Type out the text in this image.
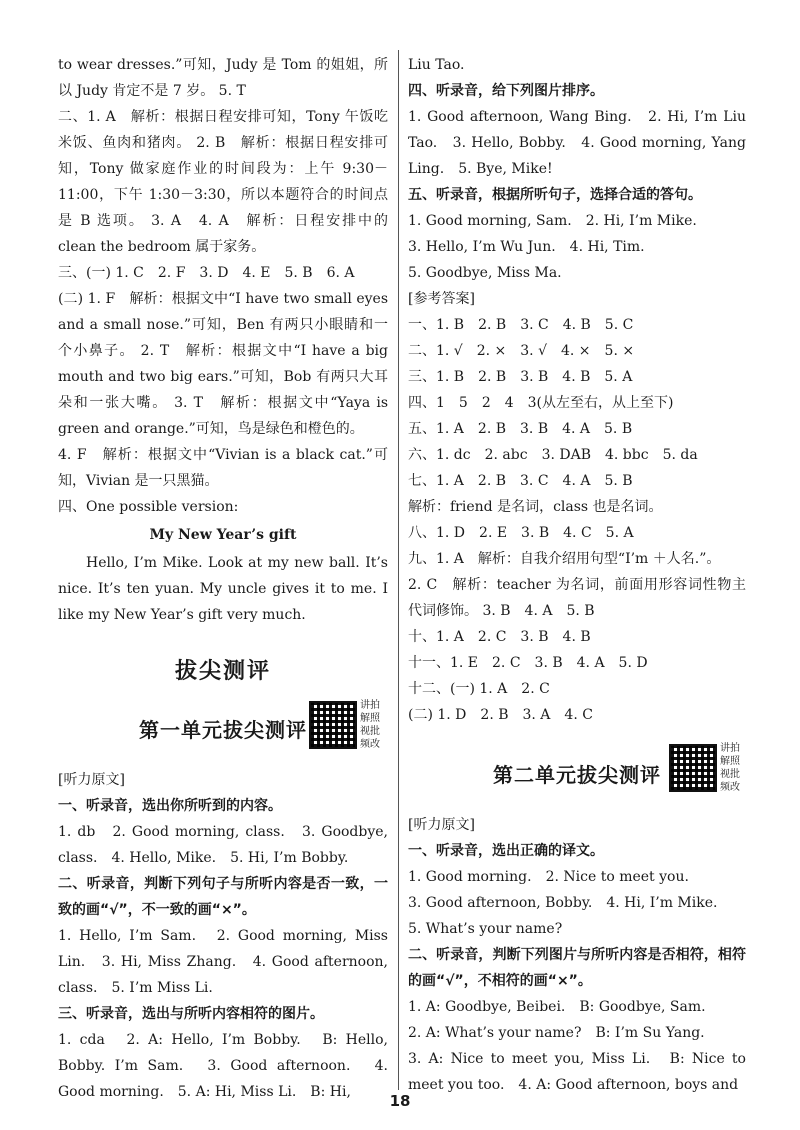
to wear dresses.”可知，Judy 是 Tom 的姐姐，所以 Judy 肯定不是 7 岁。 5. T

二、1. A　解析：根据日程安排可知，Tony 午饭吃米饭、鱼肉和猪肉。 2. B　解析：根据日程安排可知，Tony 做家庭作业的时间段为：上午 9:30－11:00，下午 1:30－3:30，所以本题符合的时间点是 B 选项。 3. A　4. A　解析：日程安排中的 clean the bedroom 属于家务。

三、(一) 1. C　2. F　3. D　4. E　5. B　6. A

(二) 1. F　解析：根据文中“I have two small eyes and a small nose.”可知，Ben 有两只小眼睛和一个小鼻子。 2. T　解析：根据文中“I have a big mouth and two big ears.”可知，Bob 有两只大耳朵和一张大嘴。 3. T　解析：根据文中“Yaya is green and orange.”可知，鸟是绿色和橙色的。

4. F　解析：根据文中“Vivian is a black cat.”可知，Vivian 是一只黑猫。

四、One possible version:

My New Year’s gift

Hello, I’m Mike. Look at my new ball. It’s nice. It’s ten yuan. My uncle gives it to me. I like my New Year’s gift very much.

拔尖测评
第一单元拔尖测评
讲拍解照视批频改

[听力原文]

一、听录音，选出你所听到的内容。

1. db　2. Good morning, class.　3. Goodbye, class.　4. Hello, Mike.　5. Hi, I’m Bobby.

二、听录音，判断下列句子与所听内容是否一致，一致的画“√”，不一致的画“×”。

1. Hello, I’m Sam.　2. Good morning, Miss Lin.　3. Hi, Miss Zhang.　4. Good afternoon, class.　5. I’m Miss Li.

三、听录音，选出与所听内容相符的图片。

1. cda　2. A: Hello, I’m Bobby.　B: Hello, Bobby. I’m Sam.　3. Good afternoon.　4. Good morning.　5. A: Hi, Miss Li.　B: Hi,

Liu Tao.

四、听录音，给下列图片排序。

1. Good afternoon, Wang Bing.　2. Hi, I’m Liu Tao.　3. Hello, Bobby.　4. Good morning, Yang Ling.　5. Bye, Mike!

五、听录音，根据所听句子，选择合适的答句。

1. Good morning, Sam.　2. Hi, I’m Mike.

3. Hello, I’m Wu Jun.　4. Hi, Tim.

5. Goodbye, Miss Ma.

[参考答案]

一、1. B　2. B　3. C　4. B　5. C

二、1. √　2. ×　3. √　4. ×　5. ×

三、1. B　2. B　3. B　4. B　5. A

四、1　5　2　4　3(从左至右，从上至下)

五、1. A　2. B　3. B　4. A　5. B

六、1. dc　2. abc　3. DAB　4. bbc　5. da

七、1. A　2. B　3. C　4. A　5. B

解析：friend 是名词，class 也是名词。

八、1. D　2. E　3. B　4. C　5. A

九、1. A　解析：自我介绍用句型“I’m ＋人名.”。

2. C　解析：teacher 为名词，前面用形容词性物主代词修饰。 3. B　4. A　5. B

十、1. A　2. C　3. B　4. B

十一、1. E　2. C　3. B　4. A　5. D

十二、(一) 1. A　2. C

(二) 1. D　2. B　3. A　4. C

第二单元拔尖测评
讲拍解照视批频改

[听力原文]

一、听录音，选出正确的译文。

1. Good morning.　2. Nice to meet you.

3. Good afternoon, Bobby.　4. Hi, I’m Mike.

5. What’s your name?

二、听录音，判断下列图片与所听内容是否相符，相符的画“√”，不相符的画“×”。

1. A: Goodbye, Beibei.　B: Goodbye, Sam.

2. A: What’s your name?　B: I’m Su Yang.

3. A: Nice to meet you, Miss Li.　B: Nice to meet you too.　4. A: Good afternoon, boys and

18
